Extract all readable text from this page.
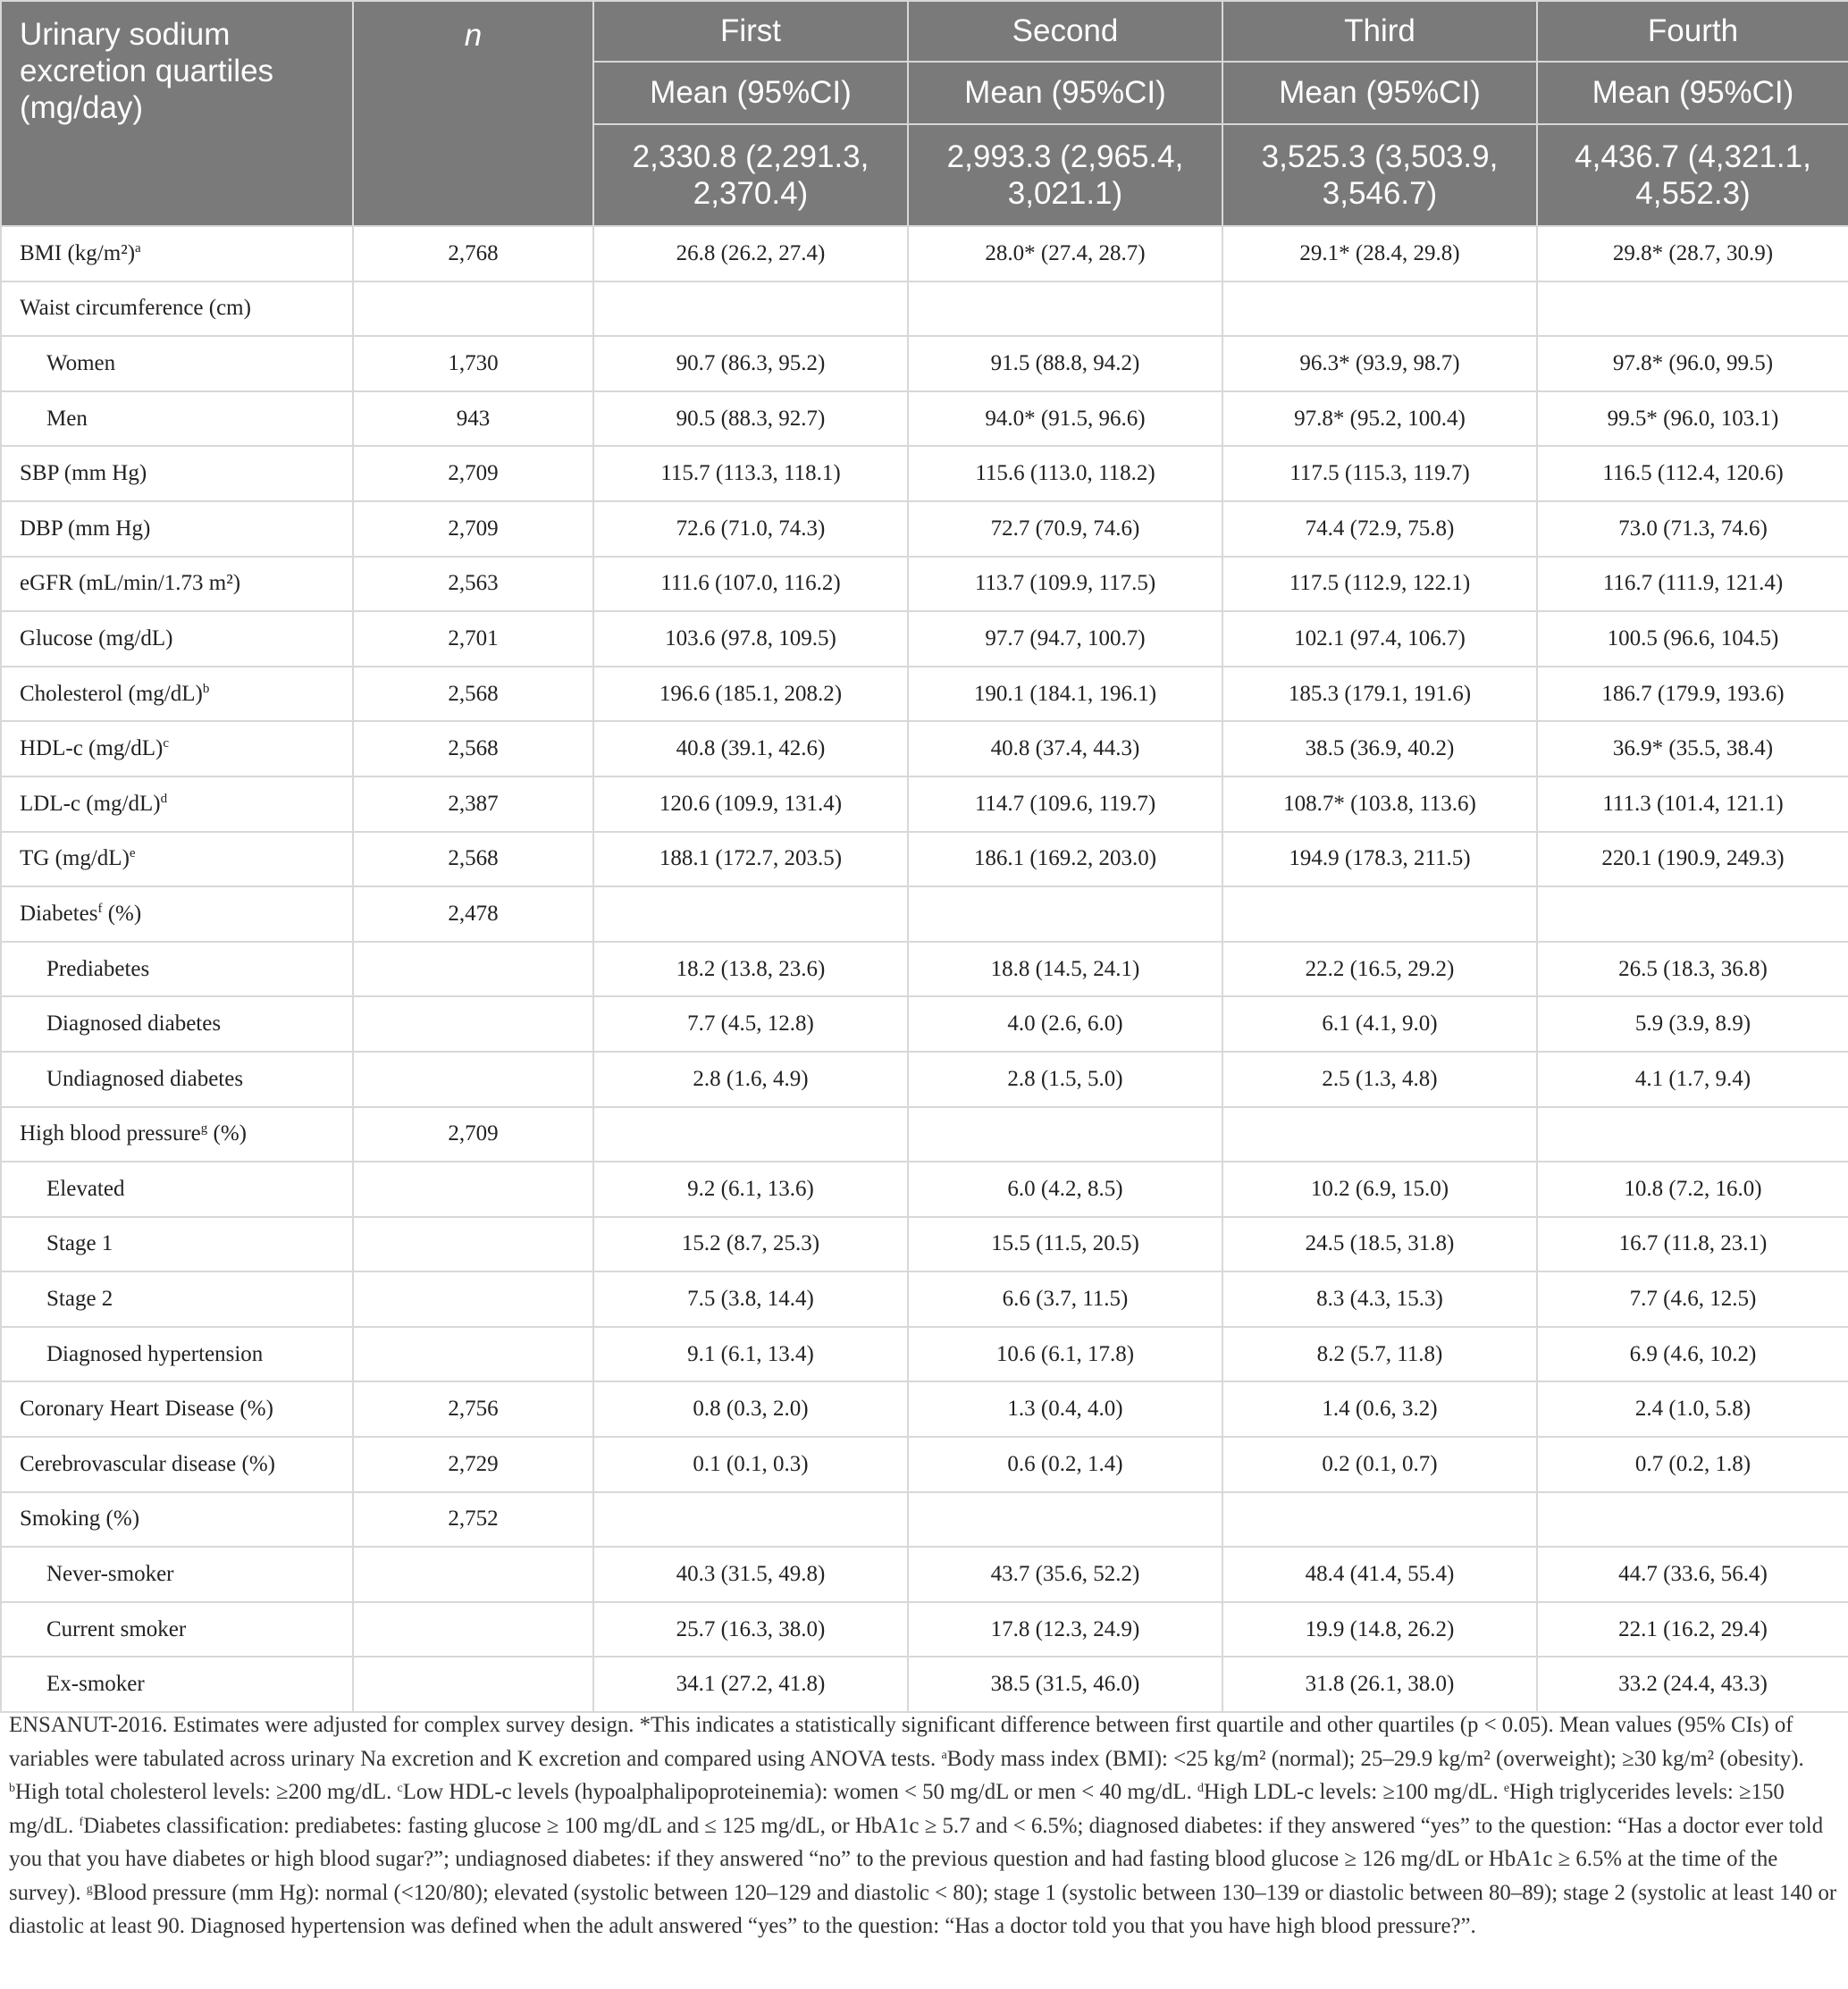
Urinary sodium excretion quartiles (mg/day)	n	First	Second	Third	Fourth
		Mean (95%CI)	Mean (95%CI)	Mean (95%CI)	Mean (95%CI)
		2,330.8 (2,291.3, 2,370.4)	2,993.3 (2,965.4, 3,021.1)	3,525.3 (3,503.9, 3,546.7)	4,436.7 (4,321.1, 4,552.3)
BMI $(kg/m^2)^a$	2,768	26.8 (26.2, 27.4)	28.0* (27.4, 28.7)	29.1* (28.4, 29.8)	29.8* (28.7, 30.9)
Waist circumference (cm)					
Women	1,730	90.7 (86.3, 95.2)	91.5 (88.8, 94.2)	96.3* (93.9, 98.7)	97.8* (96.0, 99.5)
Men	943	90.5 (88.3, 92.7)	94.0* (91.5, 96.6)	97.8* (95.2, 100.4)	99.5* (96.0, 103.1)
SBP (mm Hg)	2,709	115.7 (113.3, 118.1)	115.6 (113.0, 118.2)	117.5 (115.3, 119.7)	116.5 (112.4, 120.6)
DBP (mm Hg)	2,709	72.6 (71.0, 74.3)	72.7 (70.9, 74.6)	74.4 (72.9, 75.8)	73.0 (71.3, 74.6)
eGFR (mL/min/1.73 m²)	2,563	111.6 (107.0, 116.2)	113.7 (109.9, 117.5)	117.5 (112.9, 122.1)	116.7 (111.9, 121.4)
Glucose (mg/dL)	2,701	103.6 (97.8, 109.5)	97.7 (94.7, 100.7)	102.1 (97.4, 106.7)	100.5 (96.6, 104.5)
Cholesterol $(mg/dL)^b$	2,568	196.6 (185.1, 208.2)	190.1 (184.1, 196.1)	185.3 (179.1, 191.6)	186.7 (179.9, 193.6)
HDL-c $(mg/dL)^c$	2,568	40.8 (39.1, 42.6)	40.8 (37.4, 44.3)	38.5 (36.9, 40.2)	36.9* (35.5, 38.4)
LDL-c $(mg/dL)^d$	2,387	120.6 (109.9, 131.4)	114.7 (109.6, 119.7)	108.7* (103.8, 113.6)	111.3 (101.4, 121.1)
TG $(mg/dL)^e$	2,568	188.1 (172.7, 203.5)	186.1 (169.2, 203.0)	194.9 (178.3, 211.5)	220.1 (190.9, 249.3)
Diabetes$^f$ (%)	2,478				
Prediabetes		18.2 (13.8, 23.6)	18.8 (14.5, 24.1)	22.2 (16.5, 29.2)	26.5 (18.3, 36.8)
Diagnosed diabetes		7.7 (4.5, 12.8)	4.0 (2.6, 6.0)	6.1 (4.1, 9.0)	5.9 (3.9, 8.9)
Undiagnosed diabetes		2.8 (1.6, 4.9)	2.8 (1.5, 5.0)	2.5 (1.3, 4.8)	4.1 (1.7, 9.4)
High blood pressure$^g$ (%)	2,709				
Elevated		9.2 (6.1, 13.6)	6.0 (4.2, 8.5)	10.2 (6.9, 15.0)	10.8 (7.2, 16.0)
Stage 1		15.2 (8.7, 25.3)	15.5 (11.5, 20.5)	24.5 (18.5, 31.8)	16.7 (11.8, 23.1)
Stage 2		7.5 (3.8, 14.4)	6.6 (3.7, 11.5)	8.3 (4.3, 15.3)	7.7 (4.6, 12.5)
Diagnosed hypertension		9.1 (6.1, 13.4)	10.6 (6.1, 17.8)	8.2 (5.7, 11.8)	6.9 (4.6, 10.2)
Coronary Heart Disease (%)	2,756	0.8 (0.3, 2.0)	1.3 (0.4, 4.0)	1.4 (0.6, 3.2)	2.4 (1.0, 5.8)
Cerebrovascular disease (%)	2,729	0.1 (0.1, 0.3)	0.6 (0.2, 1.4)	0.2 (0.1, 0.7)	0.7 (0.2, 1.8)
Smoking (%)	2,752				
Never-smoker		40.3 (31.5, 49.8)	43.7 (35.6, 52.2)	48.4 (41.4, 55.4)	44.7 (33.6, 56.4)
Current smoker		25.7 (16.3, 38.0)	17.8 (12.3, 24.9)	19.9 (14.8, 26.2)	22.1 (16.2, 29.4)
Ex-smoker		34.1 (27.2, 41.8)	38.5 (31.5, 46.0)	31.8 (26.1, 38.0)	33.2 (24.4, 43.3)
ENSANUT-2016. Estimates were adjusted for complex survey design. *This indicates a statistically significant difference between first quartile and other quartiles (p < 0.05). Mean values (95% CIs) of variables were tabulated across urinary Na excretion and K excretion and compared using ANOVA tests. $^a$Body mass index (BMI): <25 kg/m² (normal); 25–29.9 kg/m² (overweight); ≥30 kg/m² (obesity). $^b$High total cholesterol levels: ≥200 mg/dL. $^c$Low HDL-c levels (hypoalphalipoproteinemia): women < 50 mg/dL or men < 40 mg/dL. $^d$High LDL-c levels: ≥100 mg/dL. $^e$High triglycerides levels: ≥150 mg/dL. $^f$Diabetes classification: prediabetes: fasting glucose ≥ 100 mg/dL and ≤ 125 mg/dL, or HbA1c ≥ 5.7 and < 6.5%; diagnosed diabetes: if they answered “yes” to the question: “Has a doctor ever told you that you have diabetes or high blood sugar?”; undiagnosed diabetes: if they answered “no” to the previous question and had fasting blood glucose ≥ 126 mg/dL or HbA1c ≥ 6.5% at the time of the survey). $^g$Blood pressure (mm Hg): normal (<120/80); elevated (systolic between 120–129 and diastolic < 80); stage 1 (systolic between 130–139 or diastolic between 80–89); stage 2 (systolic at least 140 or diastolic at least 90. Diagnosed hypertension was defined when the adult answered “yes” to the question: “Has a doctor told you that you have high blood pressure?”.
